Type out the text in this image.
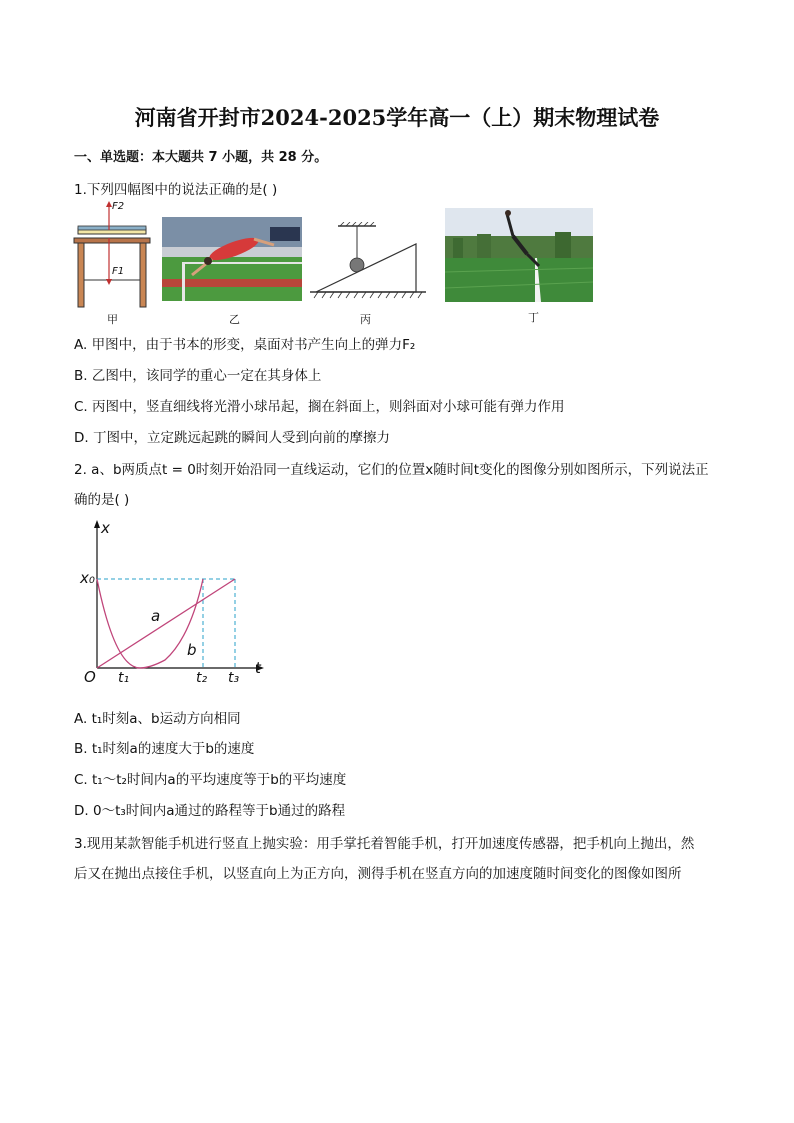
河南省开封市2024-2025学年高一（上）期末物理试卷
一、单选题：本大题共 7 小题，共 28 分。
1.下列四幅图中的说法正确的是( )
F2
F1
甲	乙	丙	丁
A. 甲图中，由于书本的形变，桌面对书产生向上的弹力F₂
B. 乙图中，该同学的重心一定在其身体上
C. 丙图中，竖直细线将光滑小球吊起，搁在斜面上，则斜面对小球可能有弹力作用
D. 丁图中，立定跳远起跳的瞬间人受到向前的摩擦力
2. a、b两质点t = 0时刻开始沿同一直线运动，它们的位置x随时间t变化的图像分别如图所示，下列说法正
确的是( )
x
t
O
x₀
t₁	t₂ t₃
a
b
A. t₁时刻a、b运动方向相同
B. t₁时刻a的速度大于b的速度
C. t₁～t₂时间内a的平均速度等于b的平均速度
D. 0～t₃时间内a通过的路程等于b通过的路程
3.现用某款智能手机进行竖直上抛实验：用手掌托着智能手机，打开加速度传感器，把手机向上抛出，然
后又在抛出点接住手机，以竖直向上为正方向，测得手机在竖直方向的加速度随时间变化的图像如图所
